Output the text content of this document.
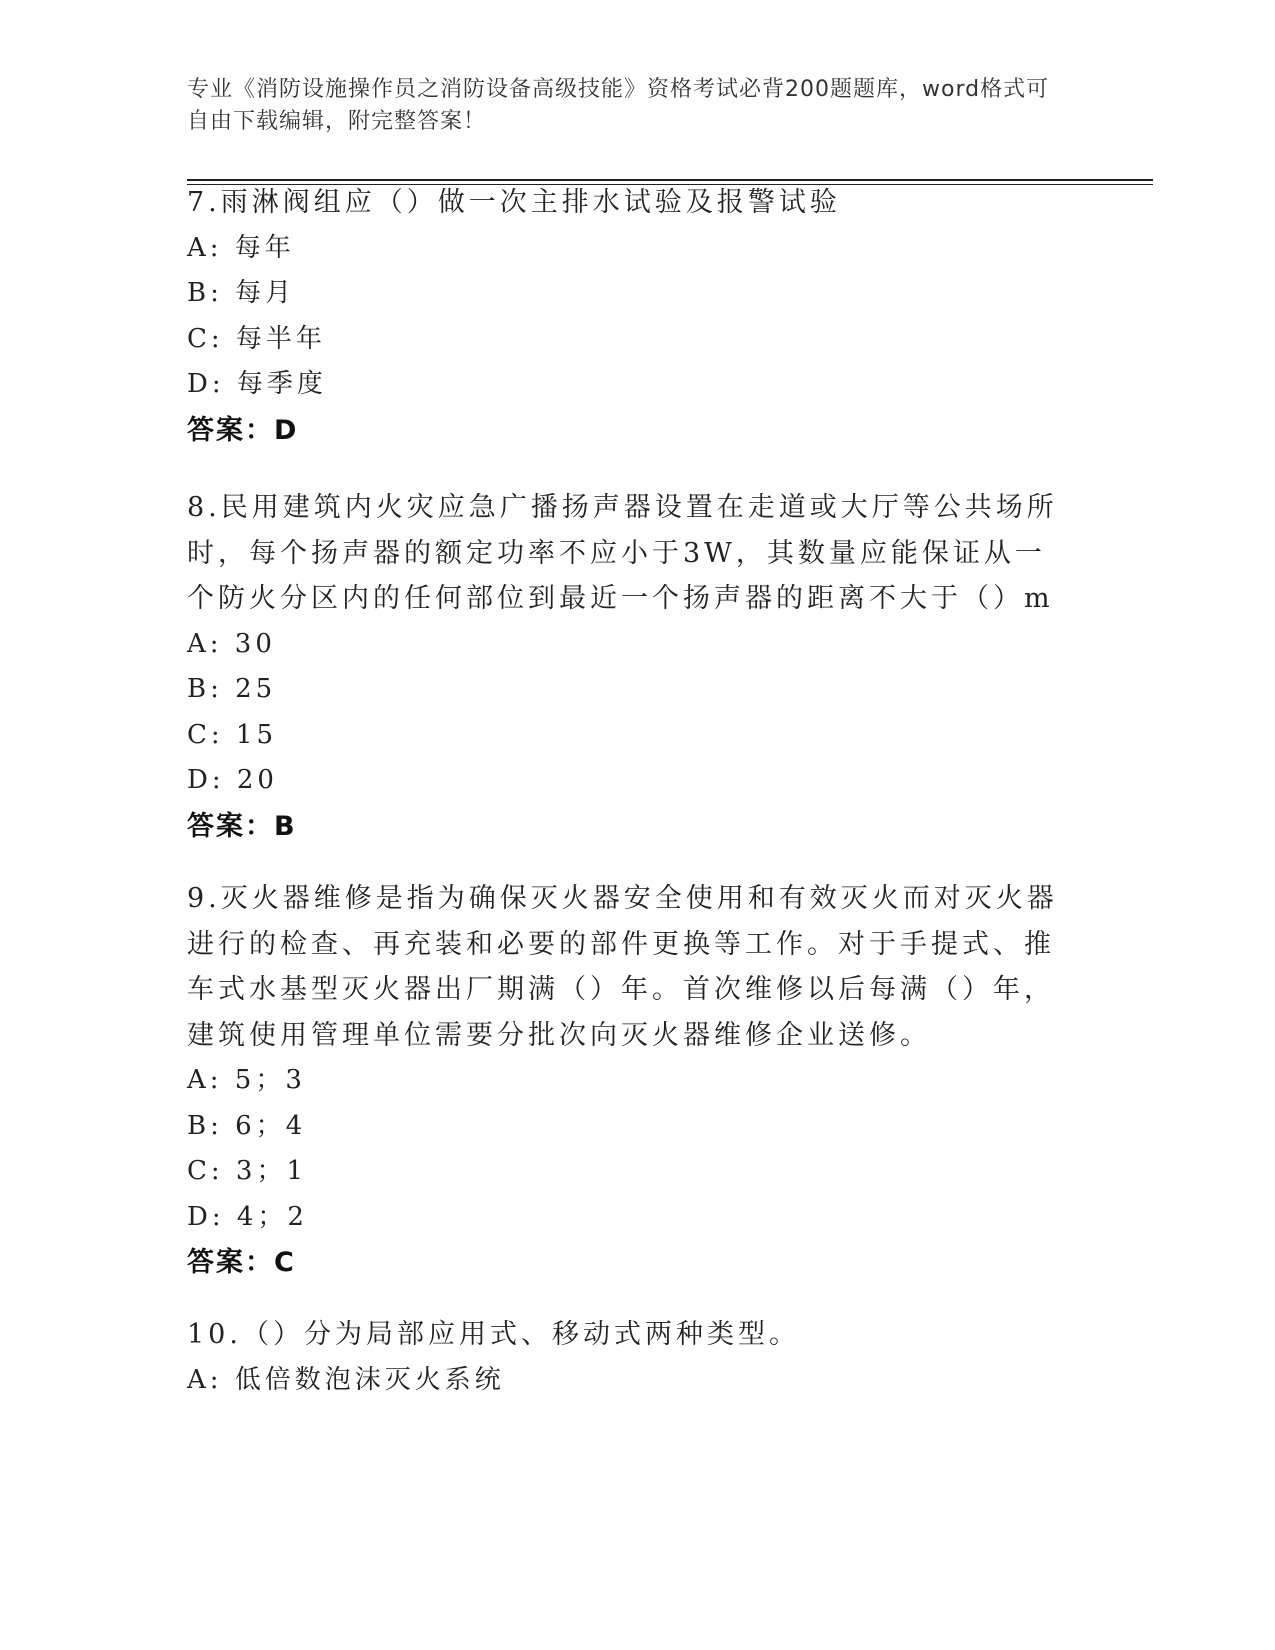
专业《消防设施操作员之消防设备高级技能》资格考试必背200题题库，word格式可自由下载编辑，附完整答案！
7.雨淋阀组应（）做一次主排水试验及报警试验
A: 每年
B: 每月
C: 每半年
D: 每季度
答案：D
8.民用建筑内火灾应急广播扬声器设置在走道或大厅等公共场所时，每个扬声器的额定功率不应小于3W，其数量应能保证从一个防火分区内的任何部位到最近一个扬声器的距离不大于（）m
A: 30
B: 25
C: 15
D: 20
答案：B
9.灭火器维修是指为确保灭火器安全使用和有效灭火而对灭火器进行的检查、再充装和必要的部件更换等工作。对于手提式、推车式水基型灭火器出厂期满（）年。首次维修以后每满（）年，建筑使用管理单位需要分批次向灭火器维修企业送修。
A: 5；3
B: 6；4
C: 3；1
D: 4；2
答案：C
10.（）分为局部应用式、移动式两种类型。
A: 低倍数泡沫灭火系统
